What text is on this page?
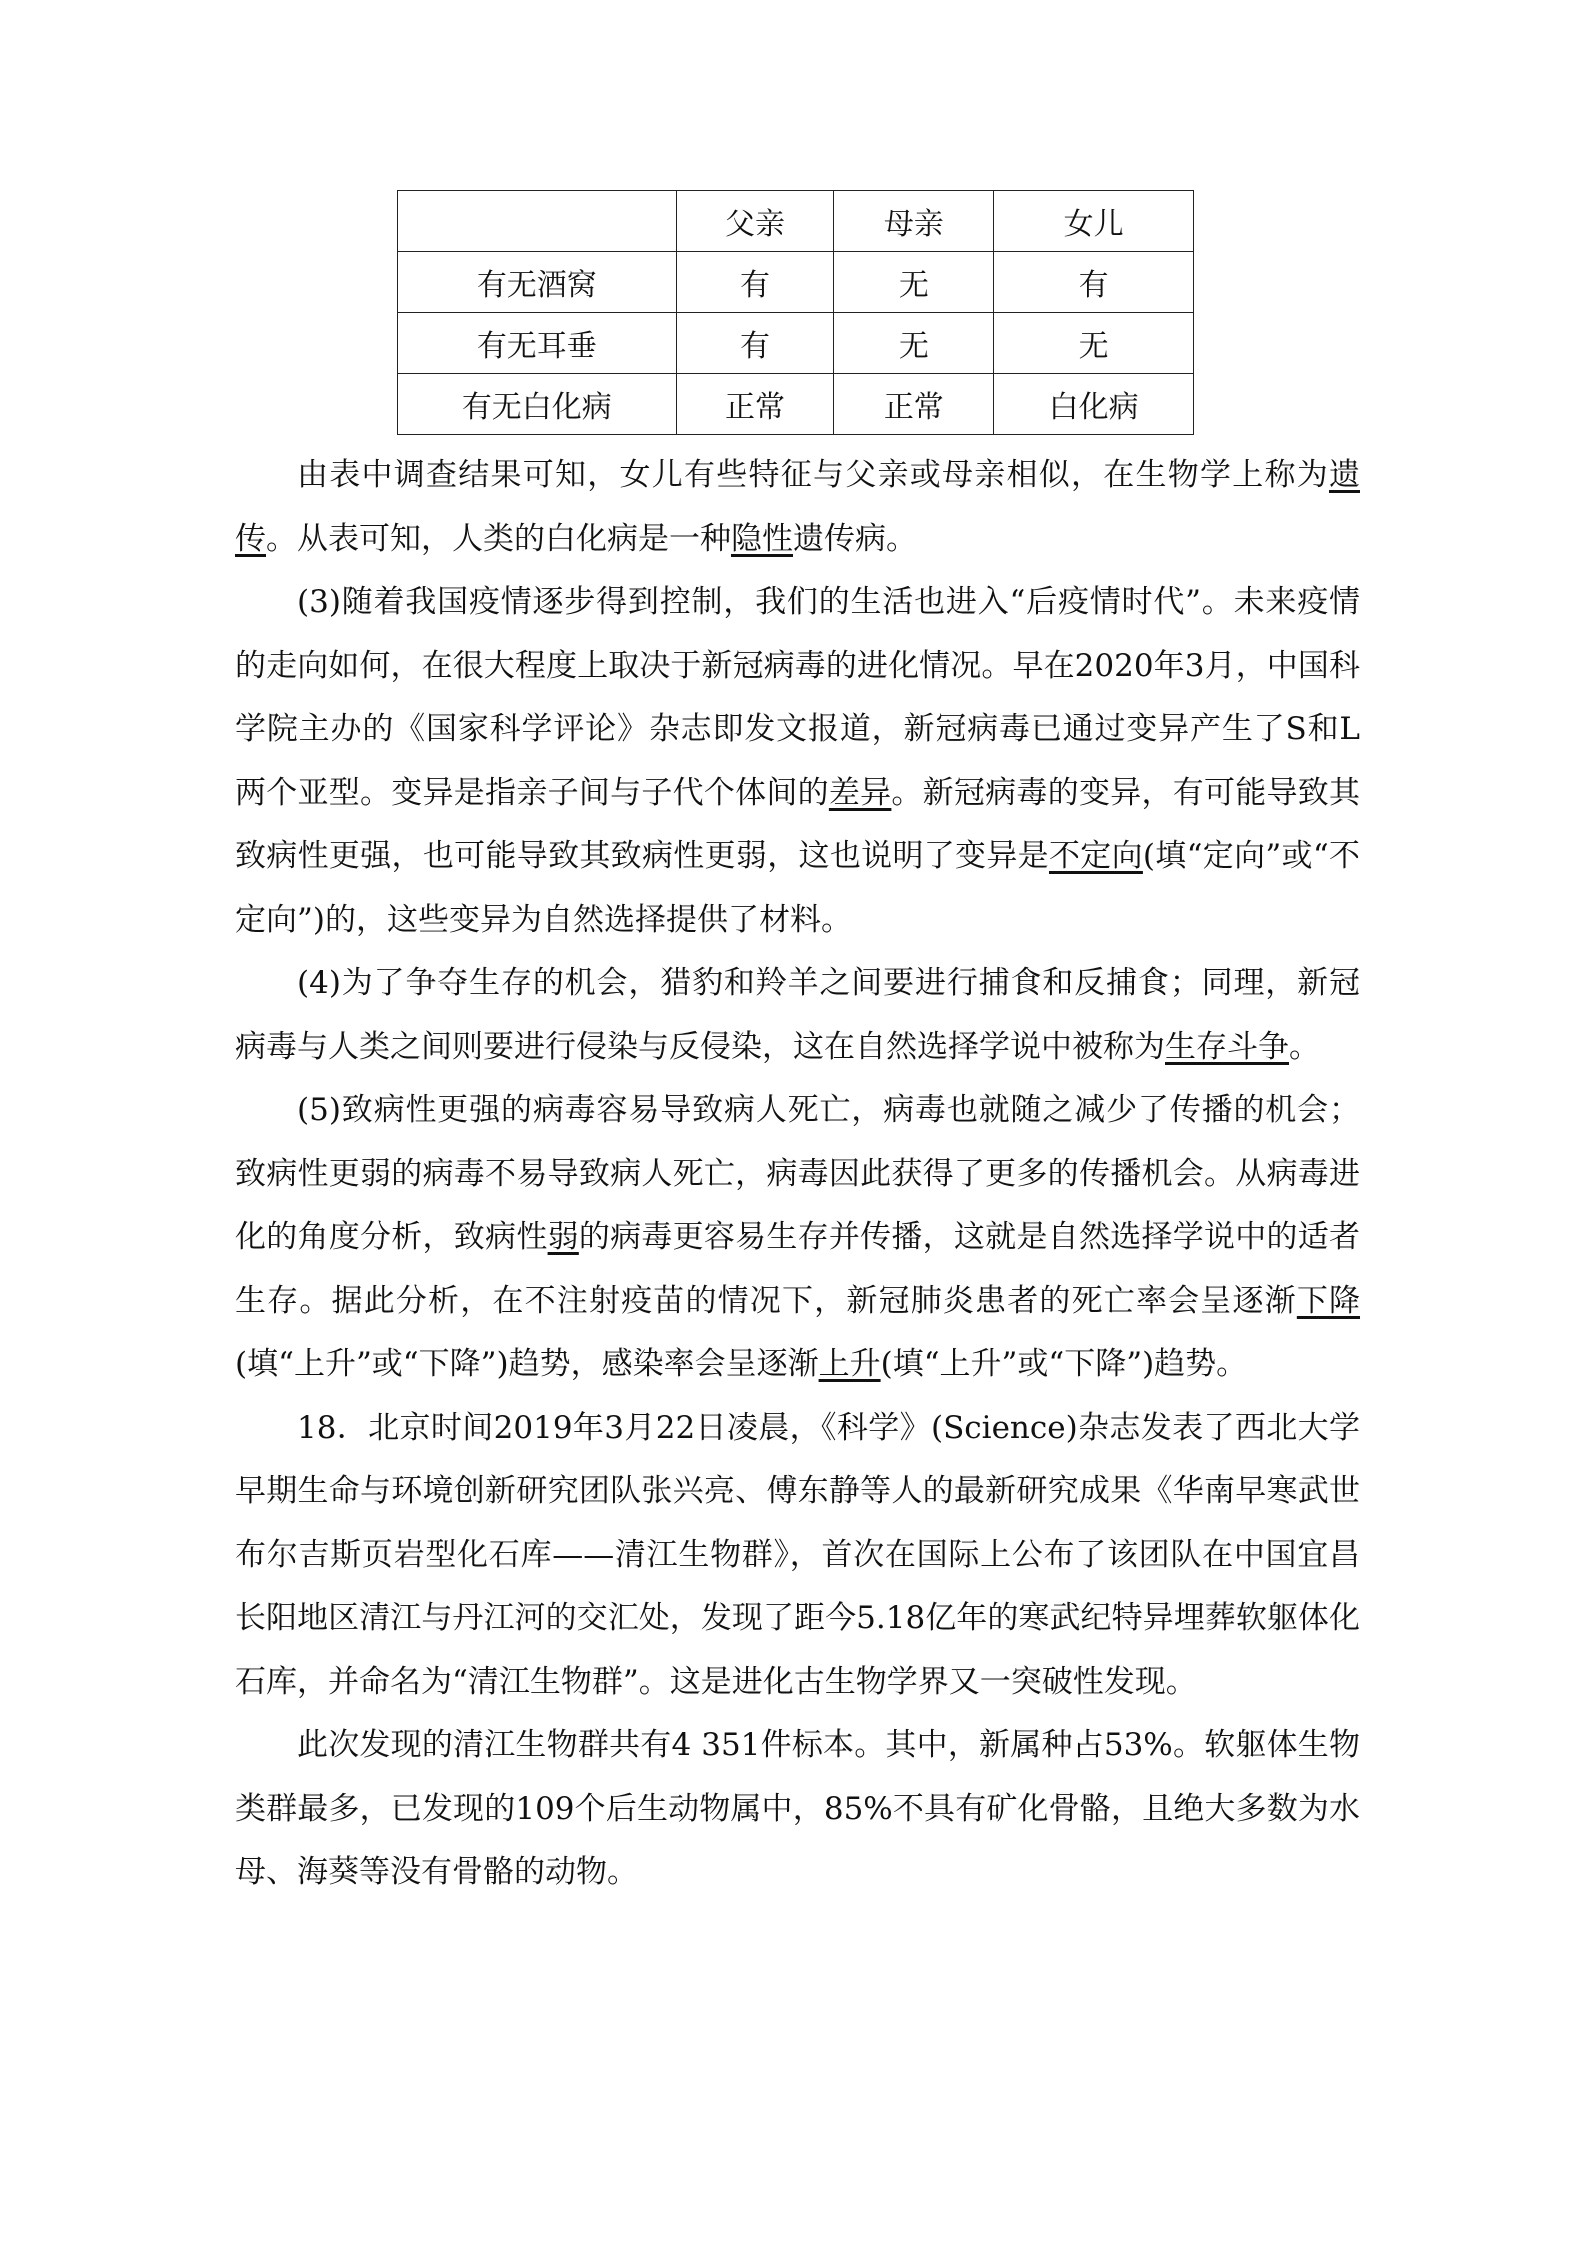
	父亲	母亲	女儿
有无酒窝	有	无	有
有无耳垂	有	无	无
有无白化病	正常	正常	白化病

由表中调查结果可知，女儿有些特征与父亲或母亲相似，在生物学上称为遗传。从表可知，人类的白化病是一种隐性遗传病。

(3)随着我国疫情逐步得到控制，我们的生活也进入“后疫情时代”。未来疫情的走向如何，在很大程度上取决于新冠病毒的进化情况。早在2020年3月，中国科学院主办的《国家科学评论》杂志即发文报道，新冠病毒已通过变异产生了S和L两个亚型。变异是指亲子间与子代个体间的差异。新冠病毒的变异，有可能导致其致病性更强，也可能导致其致病性更弱，这也说明了变异是不定向(填“定向”或“不定向”)的，这些变异为自然选择提供了材料。

(4)为了争夺生存的机会，猎豹和羚羊之间要进行捕食和反捕食；同理，新冠病毒与人类之间则要进行侵染与反侵染，这在自然选择学说中被称为生存斗争。

(5)致病性更强的病毒容易导致病人死亡，病毒也就随之减少了传播的机会；致病性更弱的病毒不易导致病人死亡，病毒因此获得了更多的传播机会。从病毒进化的角度分析，致病性弱的病毒更容易生存并传播，这就是自然选择学说中的适者生存。据此分析，在不注射疫苗的情况下，新冠肺炎患者的死亡率会呈逐渐下降(填“上升”或“下降”)趋势，感染率会呈逐渐上升(填“上升”或“下降”)趋势。

18．北京时间2019年3月22日凌晨，《科学》(Science)杂志发表了西北大学早期生命与环境创新研究团队张兴亮、傅东静等人的最新研究成果《华南早寒武世布尔吉斯页岩型化石库——清江生物群》，首次在国际上公布了该团队在中国宜昌长阳地区清江与丹江河的交汇处，发现了距今5.18亿年的寒武纪特异埋葬软躯体化石库，并命名为“清江生物群”。这是进化古生物学界又一突破性发现。

此次发现的清江生物群共有4 351件标本。其中，新属种占53%。软躯体生物类群最多，已发现的109个后生动物属中，85%不具有矿化骨骼，且绝大多数为水母、海葵等没有骨骼的动物。
